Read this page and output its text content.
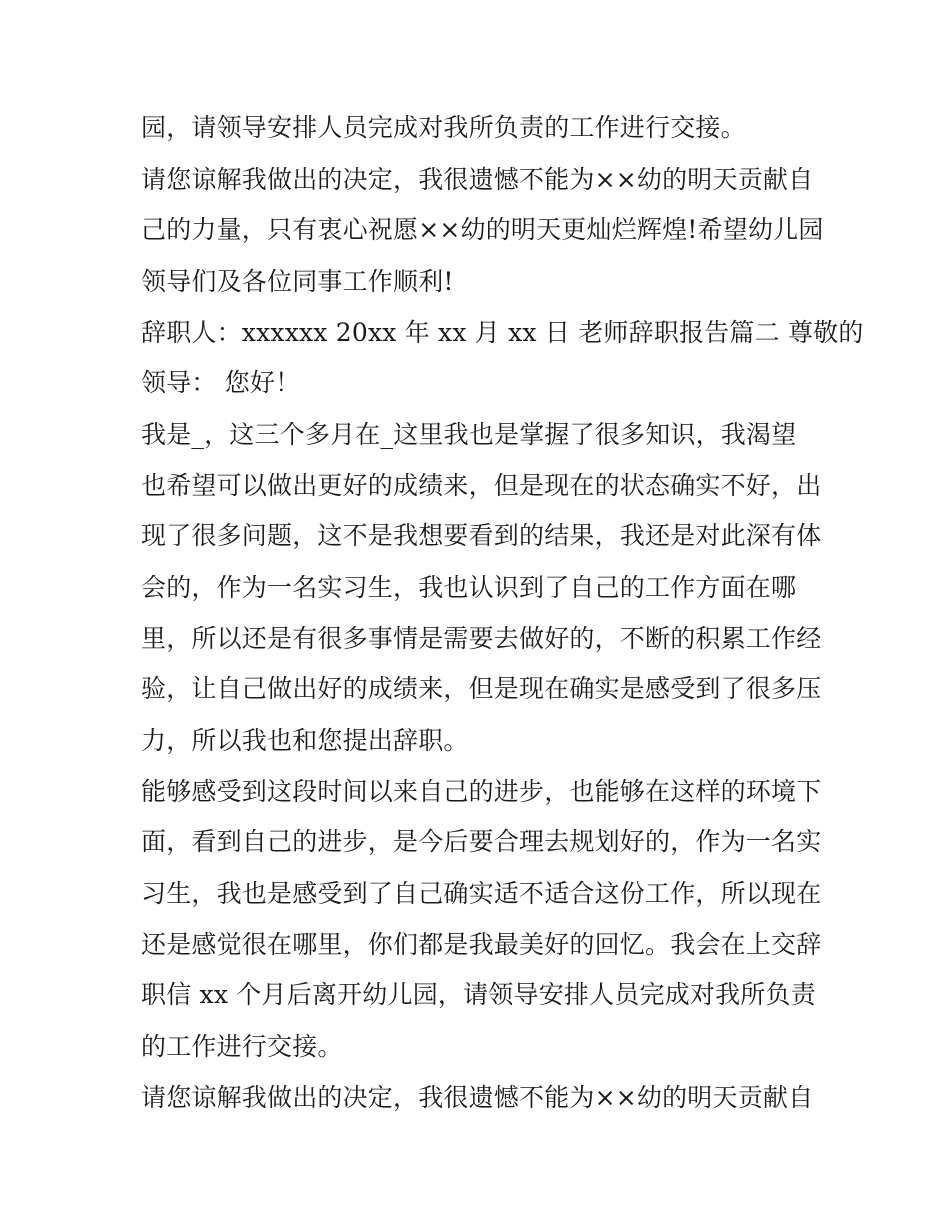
园，请领导安排人员完成对我所负责的工作进行交接。
请您谅解我做出的决定，我很遗憾不能为××幼的明天贡献自
己的力量，只有衷心祝愿××幼的明天更灿烂辉煌!希望幼儿园
领导们及各位同事工作顺利!
辞职人：xxxxxx 20xx 年 xx 月 xx 日 老师辞职报告篇二 尊敬的
领导： 您好！
我是_，这三个多月在_这里我也是掌握了很多知识，我渴望
也希望可以做出更好的成绩来，但是现在的状态确实不好，出
现了很多问题，这不是我想要看到的结果，我还是对此深有体
会的，作为一名实习生，我也认识到了自己的工作方面在哪
里，所以还是有很多事情是需要去做好的，不断的积累工作经
验，让自己做出好的成绩来，但是现在确实是感受到了很多压
力，所以我也和您提出辞职。
能够感受到这段时间以来自己的进步，也能够在这样的环境下
面，看到自己的进步，是今后要合理去规划好的，作为一名实
习生，我也是感受到了自己确实适不适合这份工作，所以现在
还是感觉很在哪里，你们都是我最美好的回忆。我会在上交辞
职信 xx 个月后离开幼儿园，请领导安排人员完成对我所负责
的工作进行交接。
请您谅解我做出的决定，我很遗憾不能为××幼的明天贡献自
